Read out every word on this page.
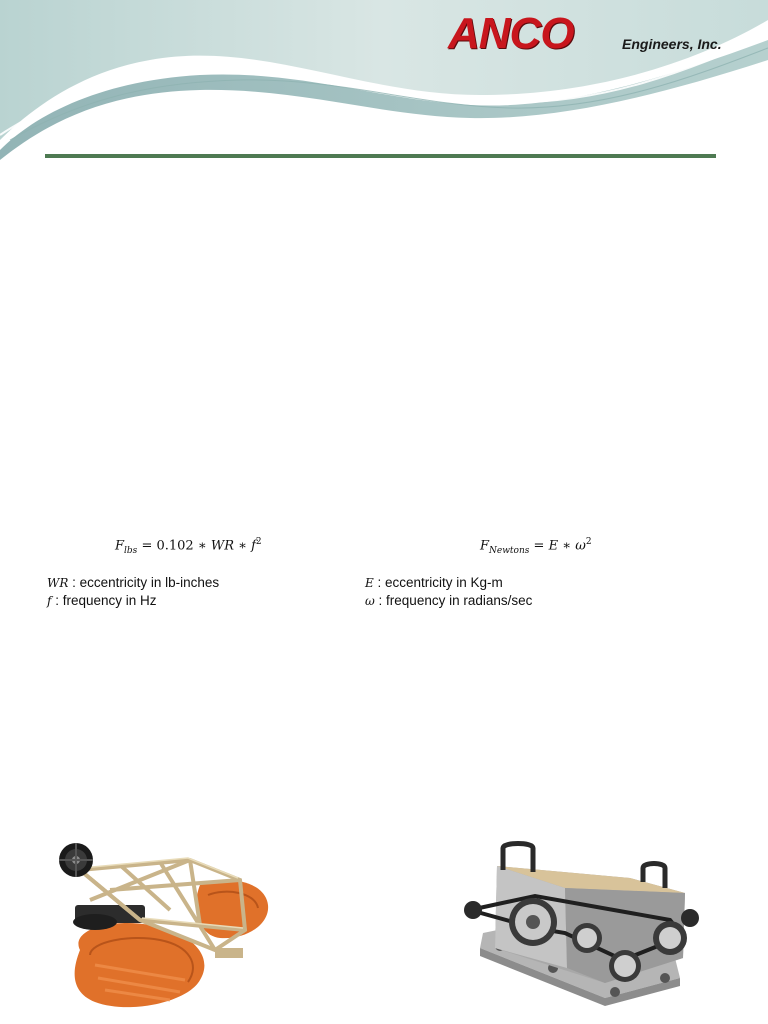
ANCO	Engineers, Inc.
$F_{lbs} = 0.102$ ∗ WR ∗ $f^2$	$F_{Newtons} = E$ ∗ $\omega^2$
WR : eccentricity in lb-inches
f : frequency in Hz
E : eccentricity in Kg-m
ω : frequency in radians/sec
